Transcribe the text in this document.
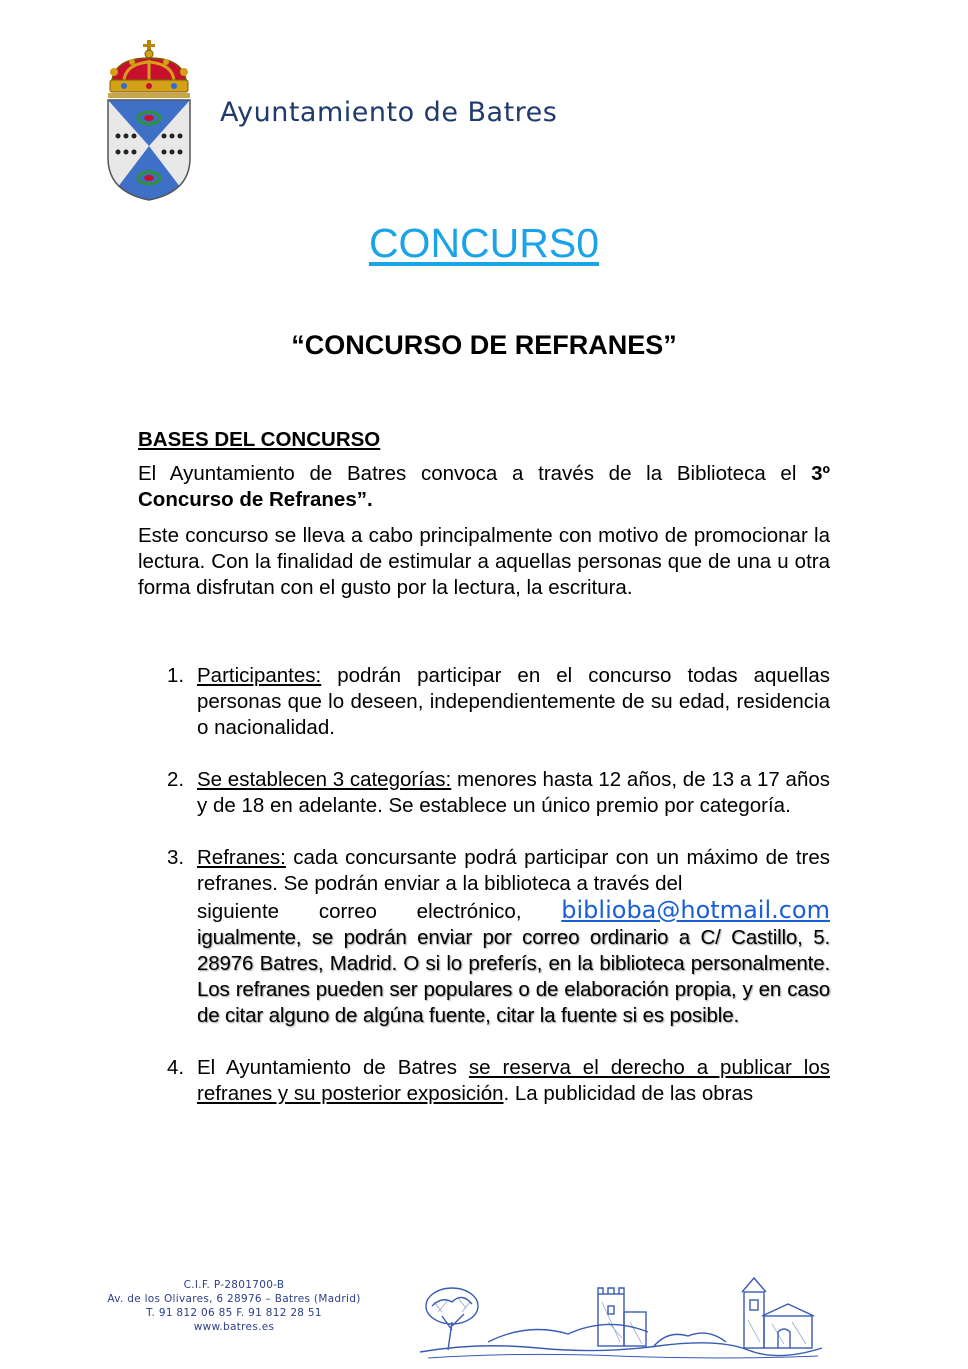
Ayuntamiento de Batres
CONCURS0
“CONCURSO DE REFRANES”
BASES DEL CONCURSO

El Ayuntamiento de Batres convoca a través de la Biblioteca el 3º Concurso de Refranes”.

Este concurso se lleva a cabo principalmente con motivo de promocionar la lectura. Con la finalidad de estimular a aquellas personas que de una u otra forma disfrutan con el gusto por la lectura, la escritura.

1. Participantes: podrán participar en el concurso todas aquellas personas que lo deseen, independientemente de su edad, residencia o nacionalidad.
2. Se establecen 3 categorías: menores hasta 12 años, de 13 a 17 años y de 18 en adelante. Se establece un único premio por categoría.
3. Refranes: cada concursante podrá participar con un máximo de tres refranes. Se podrán enviar a la biblioteca a través del
siguiente correo electrónico, biblioba@hotmail.com
igualmente, se podrán enviar por correo ordinario a C/ Castillo, 5. 28976 Batres, Madrid. O si lo preferís, en la biblioteca personalmente. Los refranes pueden ser populares o de elaboración propia, y en caso de citar alguno de algúna fuente, citar la fuente si es posible.
4. El Ayuntamiento de Batres se reserva el derecho a publicar los refranes y su posterior exposición. La publicidad de las obras
C.I.F. P-2801700-B
Av. de los Olivares, 6 28976 – Batres (Madrid)
T. 91 812 06 85 F. 91 812 28 51
www.batres.es
